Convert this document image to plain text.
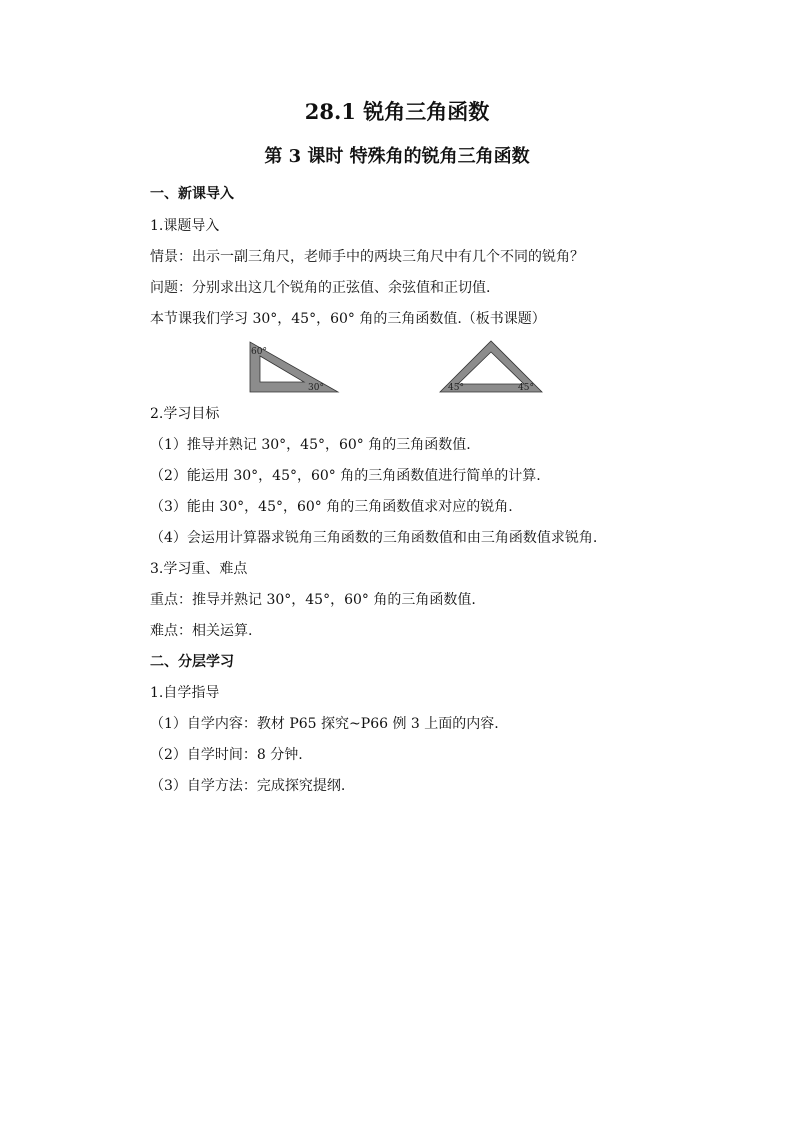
28.1 锐角三角函数
第 3 课时 特殊角的锐角三角函数
一、新课导入
1.课题导入
情景：出示一副三角尺，老师手中的两块三角尺中有几个不同的锐角？
问题：分别求出这几个锐角的正弦值、余弦值和正切值.
本节课我们学习 30°，45°，60° 角的三角函数值.（板书课题）
60°
30°	45°	45°
2.学习目标
（1）推导并熟记 30°，45°，60° 角的三角函数值.
（2）能运用 30°，45°，60° 角的三角函数值进行简单的计算.
（3）能由 30°，45°，60° 角的三角函数值求对应的锐角.
（4）会运用计算器求锐角三角函数的三角函数值和由三角函数值求锐角.
3.学习重、难点
重点：推导并熟记 30°，45°，60° 角的三角函数值.
难点：相关运算.
二、分层学习
1.自学指导
（1）自学内容：教材 P65 探究~P66 例 3 上面的内容.
（2）自学时间：8 分钟.
（3）自学方法：完成探究提纲.
